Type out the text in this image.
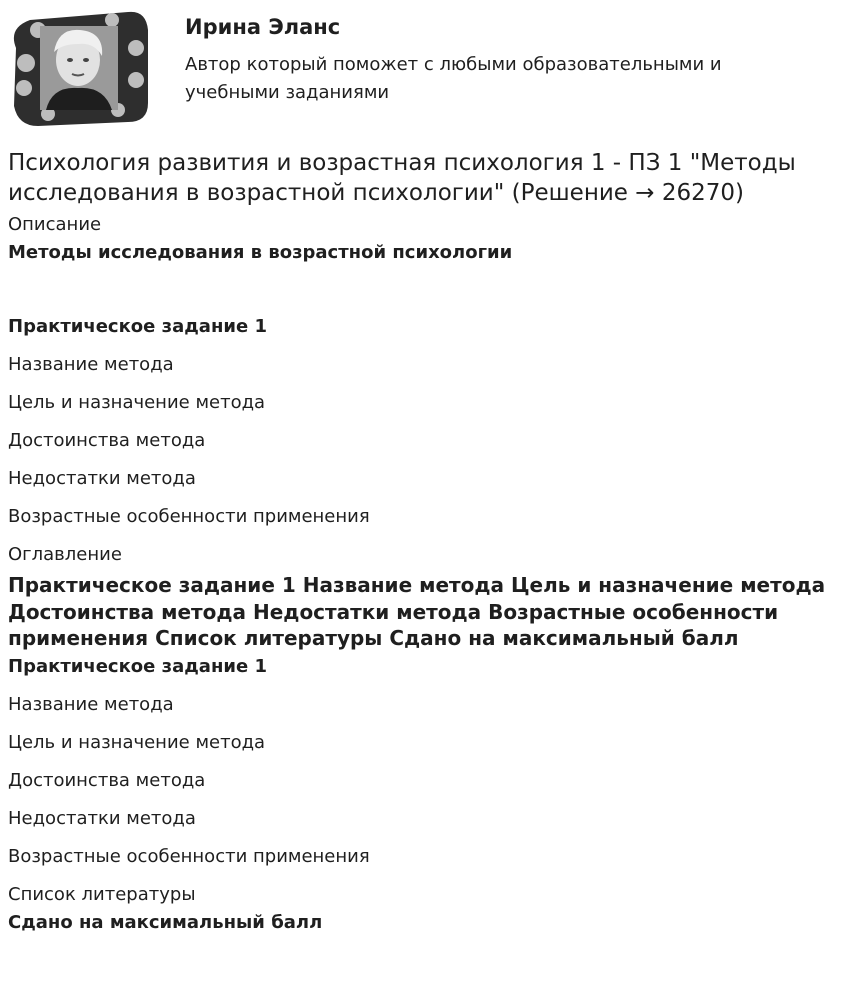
Ирина Эланс

Автор который поможет с любыми образовательными и учебными заданиями

Психология развития и возрастная психология 1 - ПЗ 1 "Методы исследования в возрастной психологии" (Решение → 26270)
Описание
Методы исследования в возрастной психологии
Практическое задание 1
Название метода
Цель и назначение метода
Достоинства метода
Недостатки метода
Возрастные особенности применения
Оглавление
Практическое задание 1 Название метода Цель и назначение метода Достоинства метода Недостатки метода Возрастные особенности применения Список литературы Сдано на максимальный балл
Практическое задание 1
Название метода
Цель и назначение метода
Достоинства метода
Недостатки метода
Возрастные особенности применения
Список литературы
Сдано на максимальный балл
